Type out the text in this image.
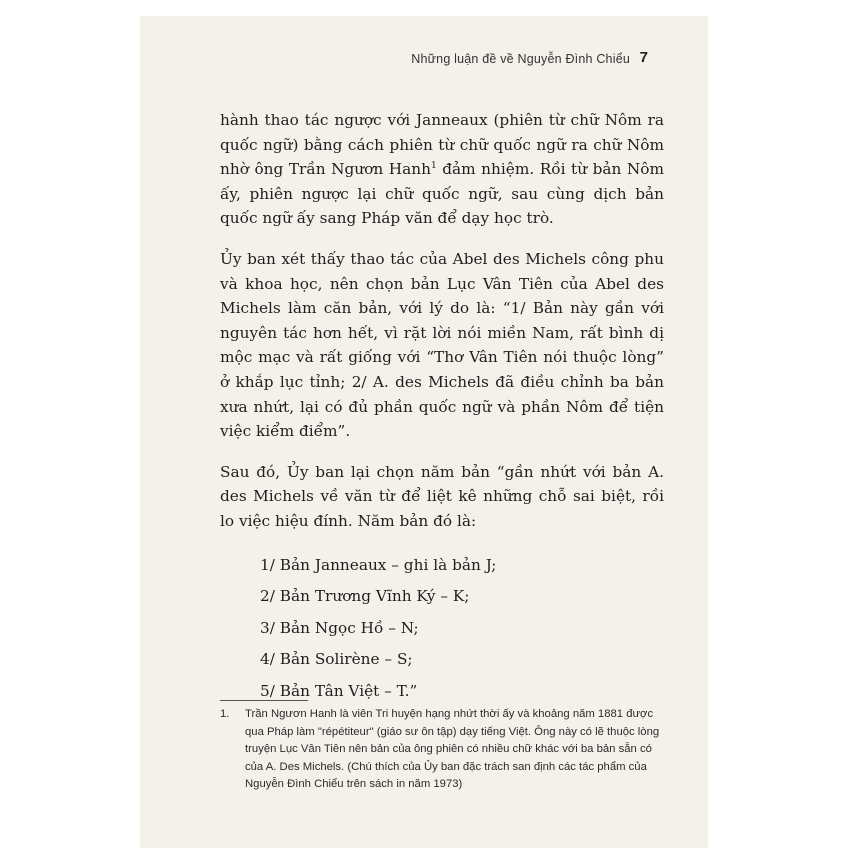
Những luận đề về Nguyễn Đình Chiểu 7

hành thao tác ngược với Janneaux (phiên từ chữ Nôm ra quốc ngữ) bằng cách phiên từ chữ quốc ngữ ra chữ Nôm nhờ ông Trần Ngươn Hanh$^1$ đảm nhiệm. Rồi từ bản Nôm ấy, phiên ngược lại chữ quốc ngữ, sau cùng dịch bản quốc ngữ ấy sang Pháp văn để dạy học trò.

Ủy ban xét thấy thao tác của Abel des Michels công phu và khoa học, nên chọn bản Lục Vân Tiên của Abel des Michels làm căn bản, với lý do là: “1/ Bản này gần với nguyên tác hơn hết, vì rặt lời nói miền Nam, rất bình dị mộc mạc và rất giống với “Thơ Vân Tiên nói thuộc lòng” ở khắp lục tỉnh; 2/ A. des Michels đã điều chỉnh ba bản xưa nhứt, lại có đủ phần quốc ngữ và phần Nôm để tiện việc kiểm điểm”.

Sau đó, Ủy ban lại chọn năm bản “gần nhứt với bản A. des Michels về văn từ để liệt kê những chỗ sai biệt, rồi lo việc hiệu đính. Năm bản đó là:

1/ Bản Janneaux – ghi là bản J;
2/ Bản Trương Vĩnh Ký – K;
3/ Bản Ngọc Hồ – N;
4/ Bản Solirène – S;
5/ Bản Tân Việt – T.”
1.	Trần Ngươn Hanh là viên Tri huyện hạng nhứt thời ấy và khoảng năm 1881 được qua Pháp làm "répétiteur" (giáo sư ôn tập) dạy tiếng Việt. Ông này có lẽ thuộc lòng truyện Lục Vân Tiên nên bản của ông phiên có nhiều chữ khác với ba bản sẵn có của A. Des Michels. (Chú thích của Ủy ban đặc trách san định các tác phẩm của Nguyễn Đình Chiểu trên sách in năm 1973)
